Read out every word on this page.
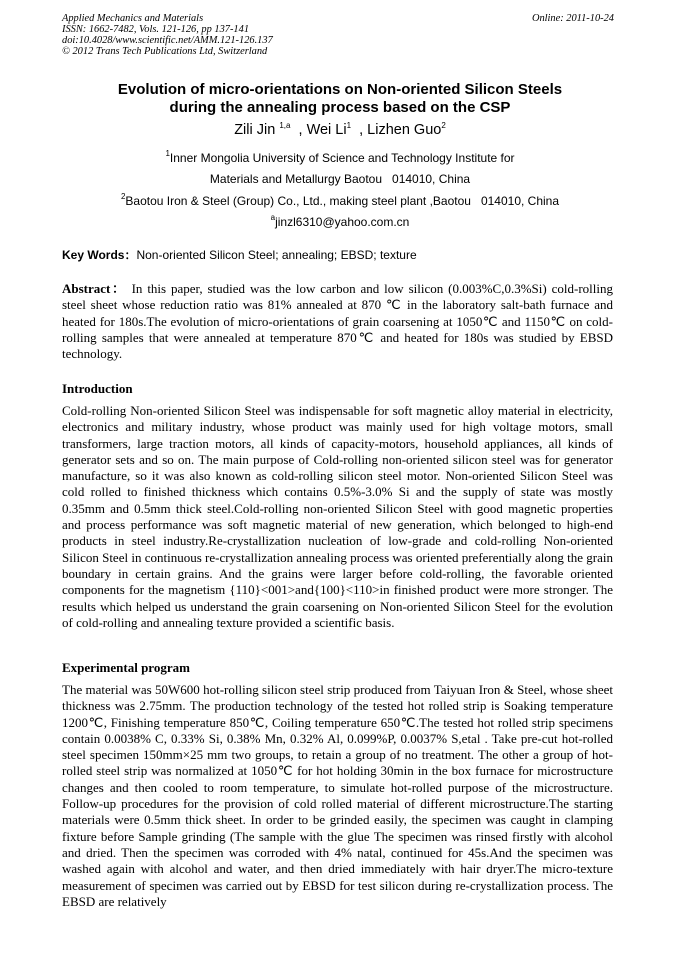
Applied Mechanics and Materials	Online: 2011-10-24
ISSN: 1662-7482, Vols. 121-126, pp 137-141
doi:10.4028/www.scientific.net/AMM.121-126.137
© 2012 Trans Tech Publications Ltd, Switzerland
Evolution of micro-orientations on Non-oriented Silicon Steels
during the annealing process based on the CSP
Zili Jin $^{1,a}$  , Wei Li$^1$  , Lizhen Guo$^2$
$^1$Inner Mongolia University of Science and Technology Institute for
Materials and Metallurgy Baotou   014010, China
$^2$Baotou Iron & Steel (Group) Co., Ltd., making steel plant ,Baotou   014010, China
$^a$jinzl6310@yahoo.com.cn
Key Words：Non-oriented Silicon Steel; annealing; EBSD; texture
Abstract： In this paper, studied was the low carbon and low silicon (0.003%C,0.3%Si) cold-rolling steel sheet whose reduction ratio was 81% annealed at 870 ℃ in the laboratory salt-bath furnace and heated for 180s.The evolution of micro-orientations of grain coarsening at 1050℃ and 1150℃ on cold-rolling samples that were annealed at temperature 870℃ and heated for 180s was studied by EBSD technology.
Introduction
Cold-rolling Non-oriented Silicon Steel was indispensable for soft magnetic alloy material in electricity, electronics and military industry, whose product was mainly used for high voltage motors, small transformers, large traction motors, all kinds of capacity-motors, household appliances, all kinds of generator sets and so on. The main purpose of Cold-rolling non-oriented silicon steel was for generator manufacture, so it was also known as cold-rolling silicon steel motor. Non-oriented Silicon Steel was cold rolled to finished thickness which contains 0.5%-3.0% Si and the supply of state was mostly 0.35mm and 0.5mm thick steel.Cold-rolling non-oriented Silicon Steel with good magnetic properties and process performance was soft magnetic material of new generation, which belonged to high-end products in steel industry.Re-crystallization nucleation of low-grade and cold-rolling Non-oriented Silicon Steel in continuous re-crystallization annealing process was oriented preferentially along the grain boundary in certain grains. And the grains were larger before cold-rolling, the favorable oriented components for the magnetism {110}<001>and{100}<110>in finished product were more stronger. The results which helped us understand the grain coarsening on Non-oriented Silicon Steel for the evolution of cold-rolling and annealing texture provided a scientific basis.
Experimental program
The material was 50W600 hot-rolling silicon steel strip produced from Taiyuan Iron & Steel, whose sheet thickness was 2.75mm. The production technology of the tested hot rolled strip is Soaking temperature 1200℃, Finishing temperature 850℃, Coiling temperature 650℃.The tested hot rolled strip specimens contain 0.0038% C, 0.33% Si, 0.38% Mn, 0.32% Al, 0.099%P, 0.0037% S,etal . Take pre-cut hot-rolled steel specimen 150mm×25 mm two groups, to retain a group of no treatment. The other a group of hot-rolled steel strip was normalized at 1050℃ for hot holding 30min in the box furnace for microstructure changes and then cooled to room temperature, to simulate hot-rolled purpose of the microstructure. Follow-up procedures for the provision of cold rolled material of different microstructure.The starting materials were 0.5mm thick sheet. In order to be grinded easily, the specimen was caught in clamping fixture before Sample grinding (The sample with the glue The specimen was rinsed firstly with alcohol and dried. Then the specimen was corroded with 4% natal, continued for 45s.And the specimen was washed again with alcohol and water, and then dried immediately with hair dryer.The micro-texture measurement of specimen was carried out by EBSD for test silicon during re-crystallization process. The EBSD are relatively
